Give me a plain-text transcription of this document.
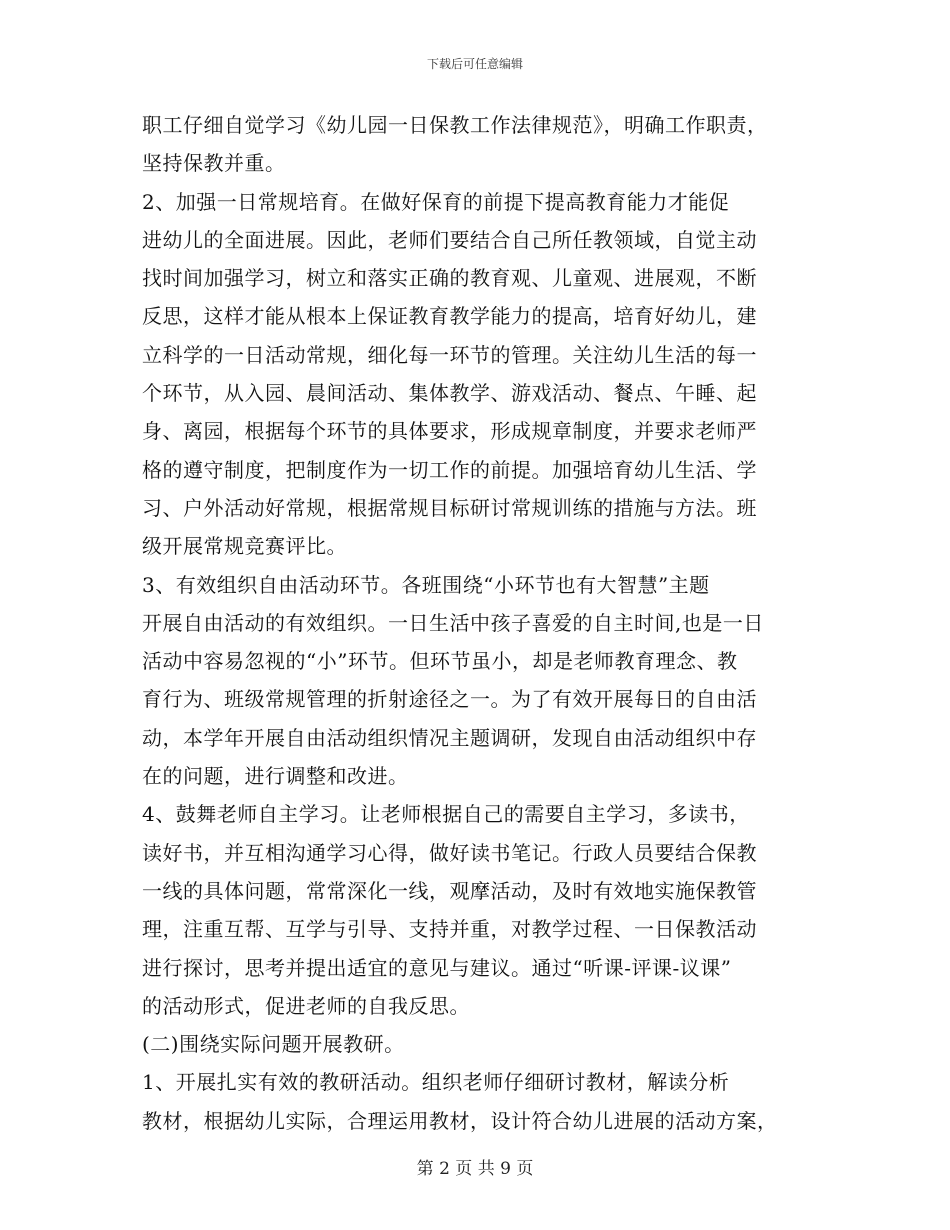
下载后可任意编辑
职工仔细自觉学习《幼儿园一日保教工作法律规范》，明确工作职责，
坚持保教并重。
2、加强一日常规培育。在做好保育的前提下提高教育能力才能促
进幼儿的全面进展。因此，老师们要结合自己所任教领域，自觉主动
找时间加强学习，树立和落实正确的教育观、儿童观、进展观，不断
反思，这样才能从根本上保证教育教学能力的提高，培育好幼儿，建
立科学的一日活动常规，细化每一环节的管理。关注幼儿生活的每一
个环节，从入园、晨间活动、集体教学、游戏活动、餐点、午睡、起
身、离园，根据每个环节的具体要求，形成规章制度，并要求老师严
格的遵守制度，把制度作为一切工作的前提。加强培育幼儿生活、学
习、户外活动好常规，根据常规目标研讨常规训练的措施与方法。班
级开展常规竞赛评比。
3、有效组织自由活动环节。各班围绕“小环节也有大智慧”主题
开展自由活动的有效组织。一日生活中孩子喜爱的自主时间,也是一日
活动中容易忽视的“小”环节。但环节虽小，却是老师教育理念、教
育行为、班级常规管理的折射途径之一。为了有效开展每日的自由活
动，本学年开展自由活动组织情况主题调研，发现自由活动组织中存
在的问题，进行调整和改进。
4、鼓舞老师自主学习。让老师根据自己的需要自主学习，多读书，
读好书，并互相沟通学习心得，做好读书笔记。行政人员要结合保教
一线的具体问题，常常深化一线，观摩活动，及时有效地实施保教管
理，注重互帮、互学与引导、支持并重，对教学过程、一日保教活动
进行探讨，思考并提出适宜的意见与建议。通过“听课-评课-议课”
的活动形式，促进老师的自我反思。
(二)围绕实际问题开展教研。
1、开展扎实有效的教研活动。组织老师仔细研讨教材，解读分析
教材，根据幼儿实际，合理运用教材，设计符合幼儿进展的活动方案，
第 2 页 共 9 页
